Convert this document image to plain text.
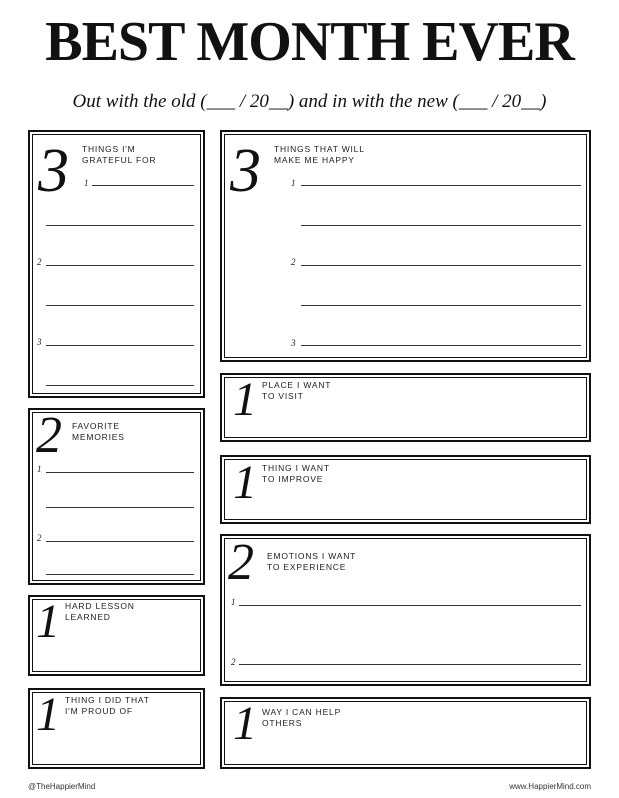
BEST MONTH EVER

Out with the old (___ / 20__) and in with the new (___ / 20__)

3 THINGS I'M
GRATEFUL FOR
1
2
3
3 THINGS THAT WILL
MAKE ME HAPPY
1
2
3
2 FAVORITE
MEMORIES
1
2
1 PLACE I WANT
TO VISIT
1 THING I WANT
TO IMPROVE
2 EMOTIONS I WANT
TO EXPERIENCE
1
2
1 HARD LESSON
LEARNED
1 THING I DID THAT
I'M PROUD OF 1 WAY I CAN HELP
OTHERS
@TheHappierMind	www.HappierMind.com
